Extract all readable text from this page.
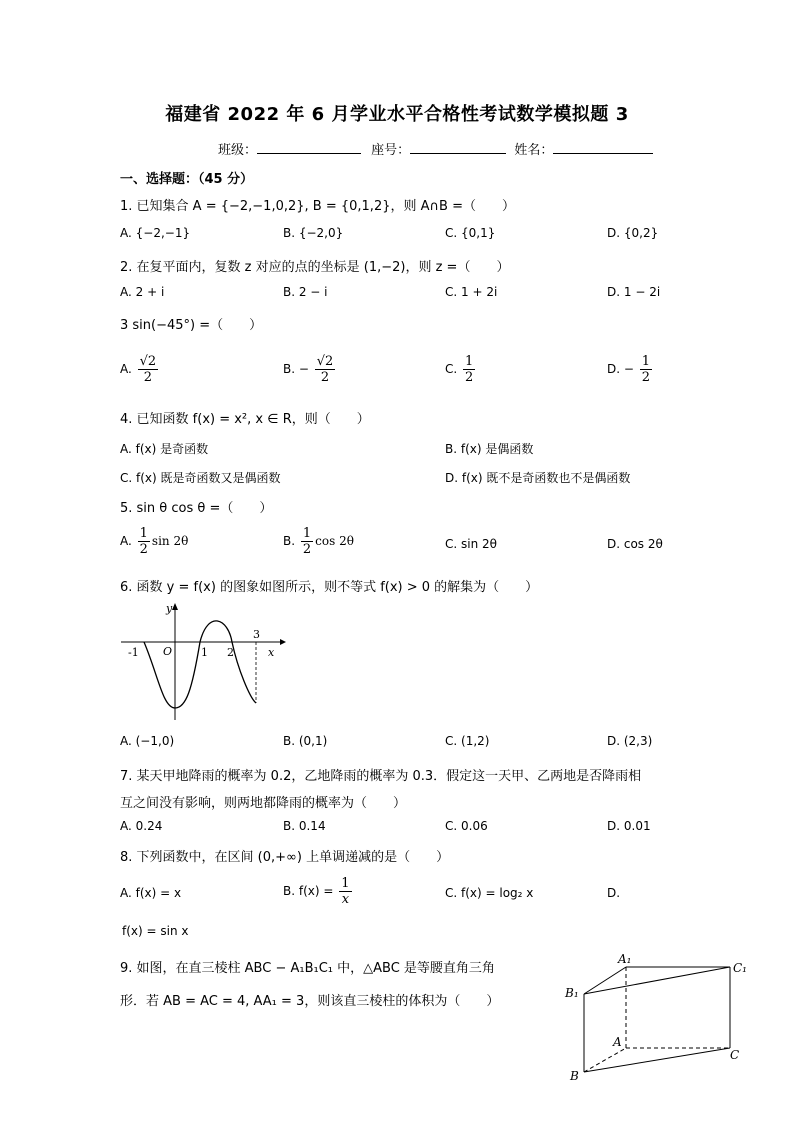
福建省 2022 年 6 月学业水平合格性考试数学模拟题 3
班级：	座号：	姓名：
一、选择题：（45 分）
1. 已知集合 A = {−2,−1,0,2}, B = {0,1,2}，则 A∩B =（　　）
A. {−2,−1}	B. {−2,0}	C. {0,1}	D. {0,2}
2. 在复平面内，复数 z 对应的点的坐标是 (1,−2)，则 z =（　　）
A. 2 + i	B. 2 − i	C. 1 + 2i	D. 1 − 2i
3 sin(−45°) =（　　）
A. $\frac{√2}{2}$	B. − $\frac{√2}{2}$	C. $\frac{1}{2}$	D. − $\frac{1}{2}$
4. 已知函数 f(x) = x², x ∈ R，则（　　）
A. f(x) 是奇函数	B. f(x) 是偶函数
C. f(x) 既是奇函数又是偶函数	D. f(x) 既不是奇函数也不是偶函数
5. sin θ cos θ =（　　）
A. $\frac{1}{2}$ sin 2θ	B. $\frac{1}{2}$ cos 2θ	C. sin 2θ	D. cos 2θ
6. 函数 y = f(x) 的图象如图所示，则不等式 f(x) > 0 的解集为（　　）
y
x
O
-1	1 2
3
A. (−1,0)	B. (0,1)	C. (1,2)	D. (2,3)
7. 某天甲地降雨的概率为 0.2，乙地降雨的概率为 0.3．假定这一天甲、乙两地是否降雨相
互之间没有影响，则两地都降雨的概率为（　　）
A. 0.24	B. 0.14	C. 0.06	D. 0.01
8. 下列函数中，在区间 (0,+∞) 上单调递减的是（　　）
A. f(x) = x	B. $f(x) = \frac{1}{x}$	C. f(x) = log₂ x	D.
f(x) = sin x
9. 如图，在直三棱柱 ABC − A₁B₁C₁ 中，△ABC 是等腰直角三角
形．若 AB = AC = 4, AA₁ = 3，则该直三棱柱的体积为（　　）
A₁
C₁
B₁
A
C
B
